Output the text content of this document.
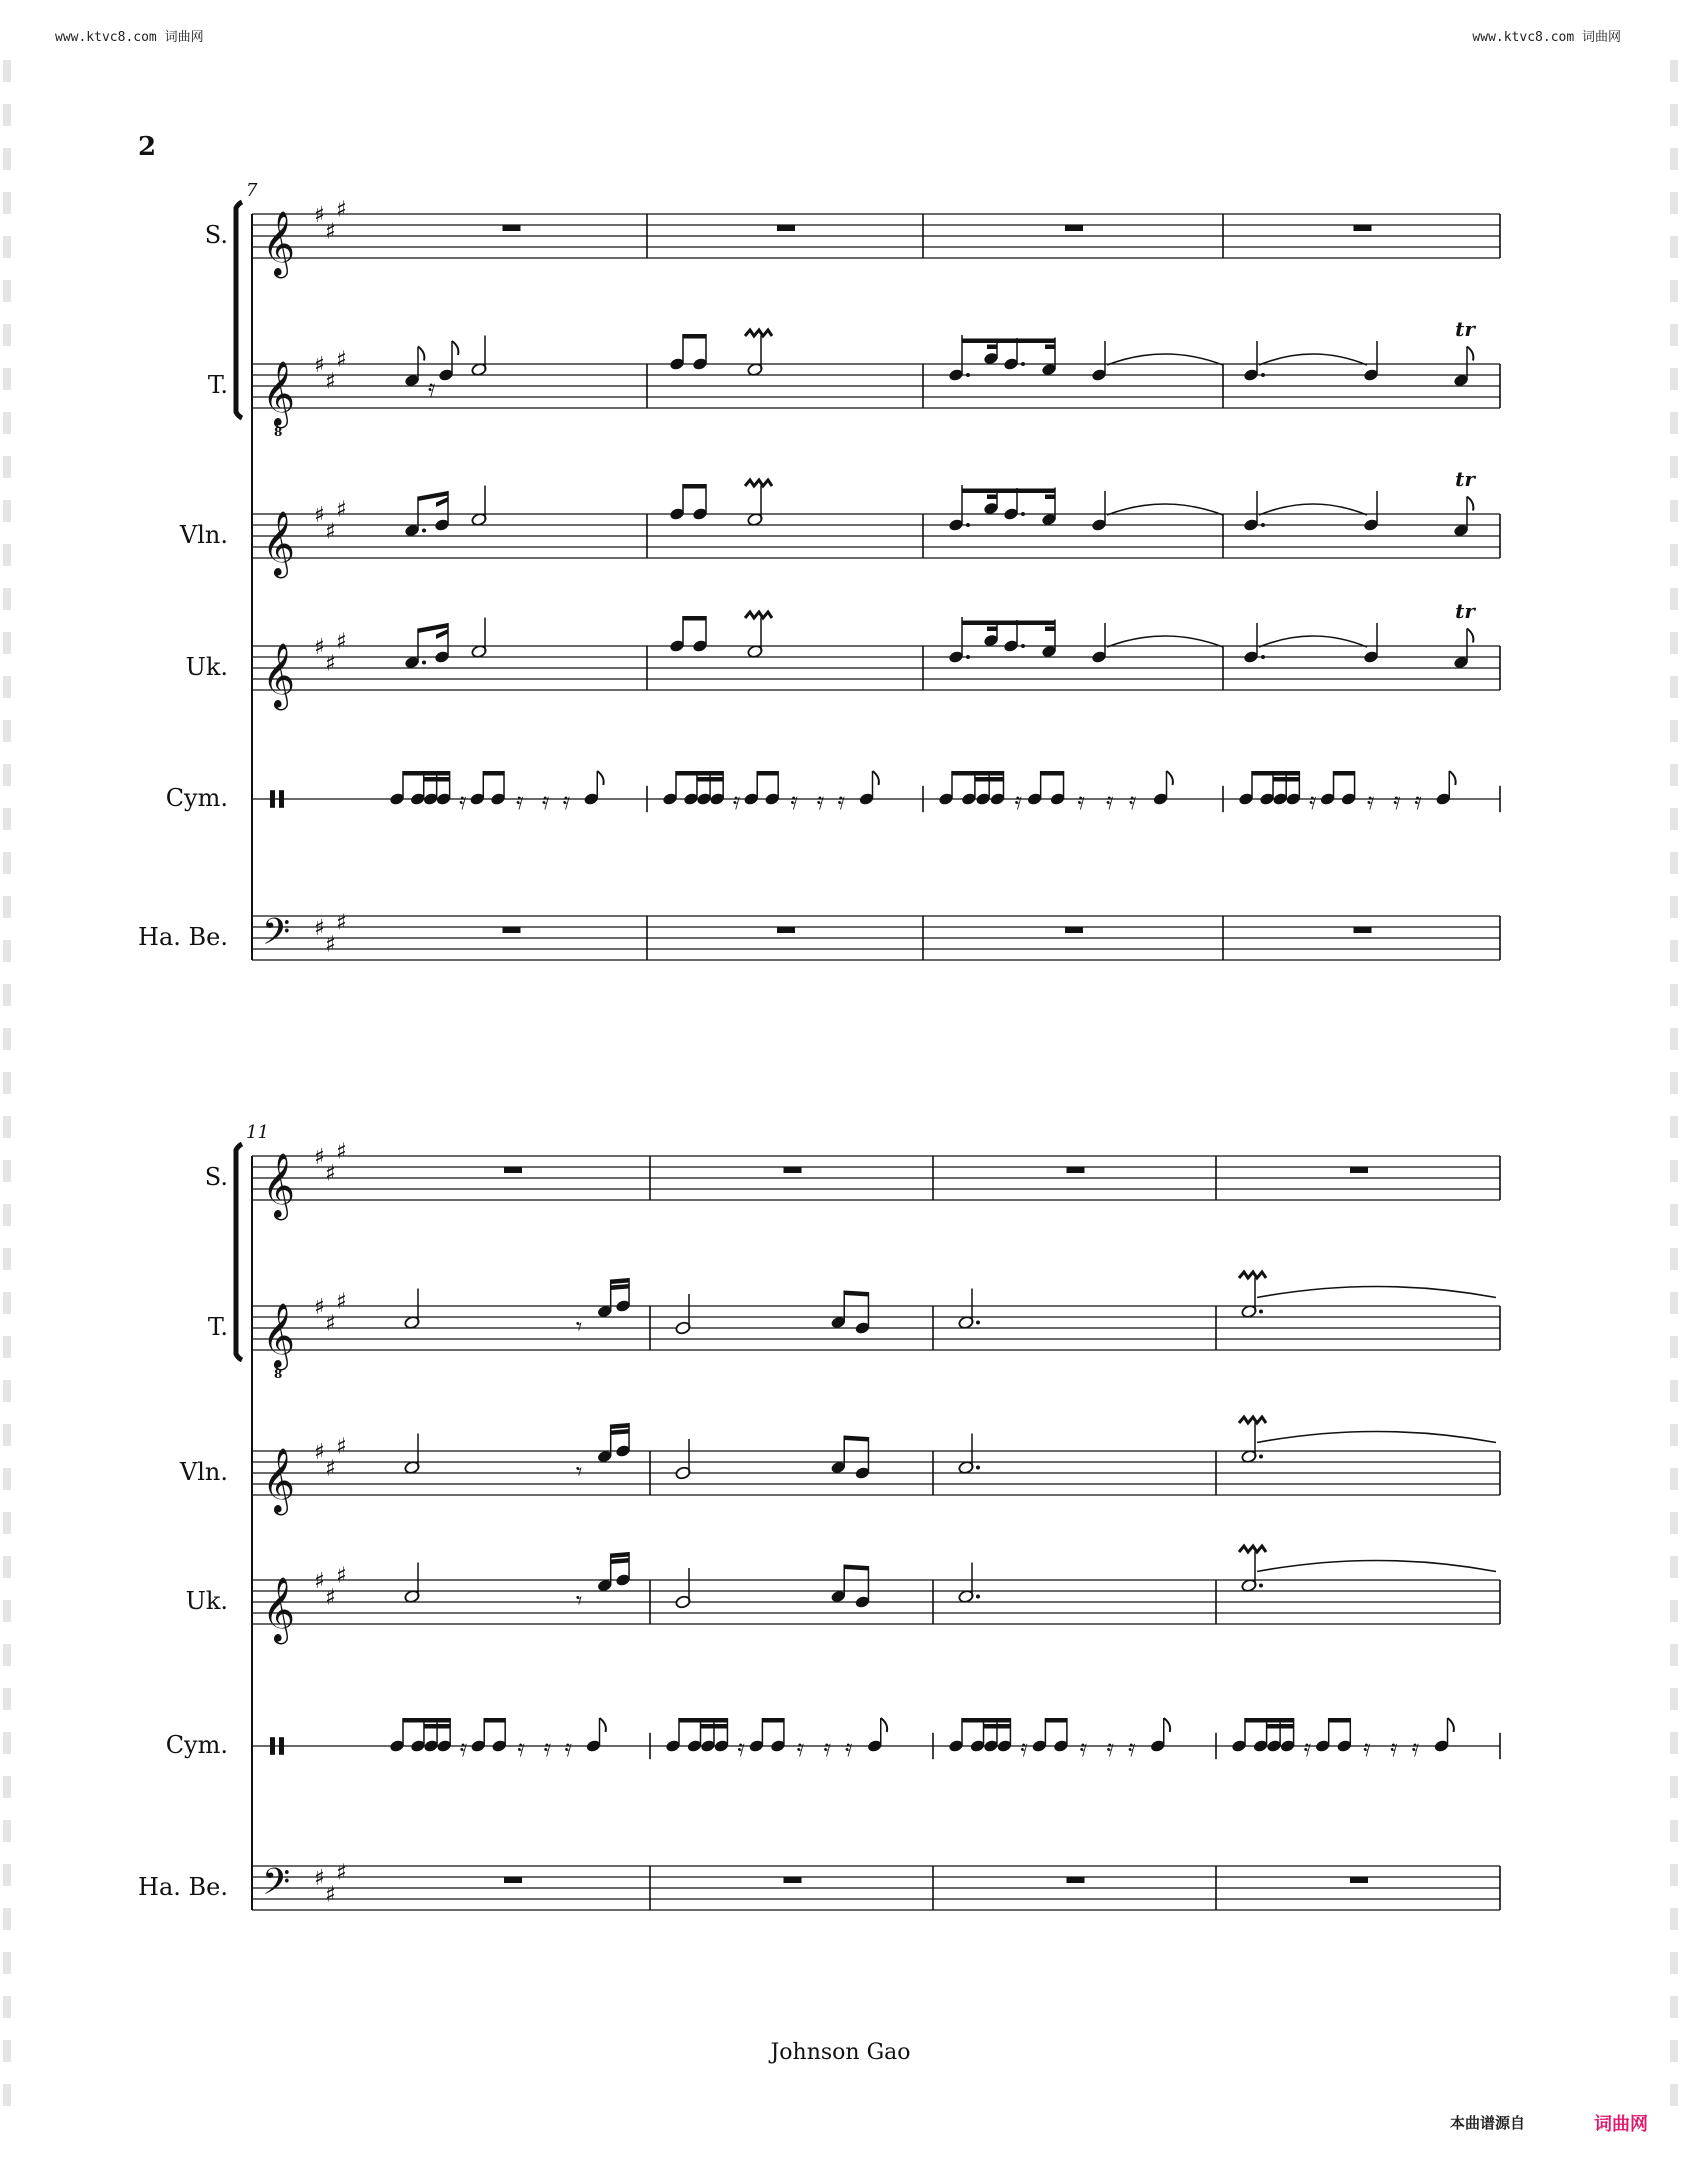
www.ktvc8.com 词曲网	www.ktvc8.com 词曲网
2
7
S. 𝄞 ♯
♯
♯
T. 𝄞
8
♯
♯
♯
𝄿
tr
Vln. 𝄞 ♯
♯
♯
tr
Uk. 𝄞 ♯
♯
♯
tr
Cym.	𝄿 𝄿 𝄿 𝄿
𝅘
𝄿 𝄿 𝄿 𝄿
𝅘
𝄿 𝄿 𝄿 𝄿
𝅘
𝄿 𝄿 𝄿 𝄿
𝅘
Ha. Be. 𝄢 ♯
♯
♯
11
S. 𝄞 ♯
♯
♯
T. 𝄞
8
♯
♯
♯
𝄾
Vln. 𝄞 ♯
♯
♯
𝄾
Uk. 𝄞 ♯
♯
♯
𝄾
Cym.	𝄿 𝄿 𝄿 𝄿
𝅘
𝄿 𝄿 𝄿 𝄿
𝅘
𝄿 𝄿 𝄿 𝄿
𝅘
𝄿 𝄿 𝄿 𝄿
𝅘
Ha. Be. 𝄢 ♯
♯
♯
Johnson Gao
本曲谱源自	词曲网
